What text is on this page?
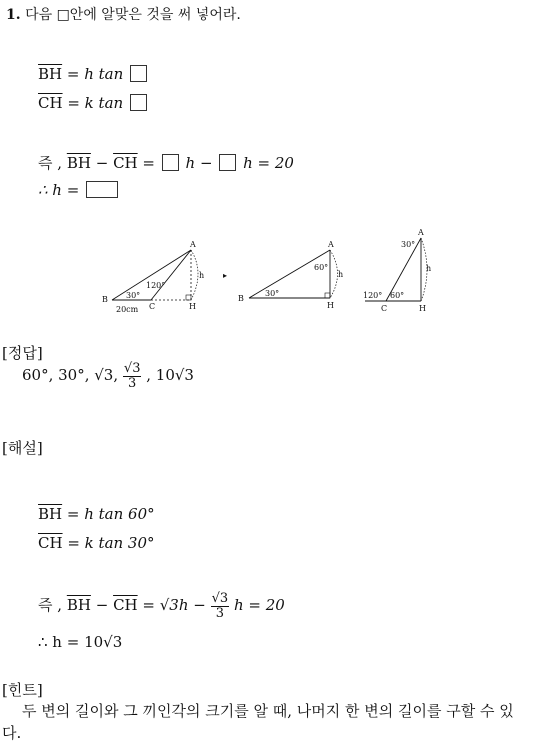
1. 다음 □안에 알맞은 것을 써 넣어라.
$\overline{BH} = h$ tan
$\overline{CH} = k$ tan
즉 , $\overline{BH} - \overline{CH} = h - h = 20$
∴ h =
A
B
C	H
h
30°
120°
20cm
▸
A
B
H
h
30°
60°
A
C	H
h
30°
120° 60°
[정답]
60°, 30°, √3, $\frac{√3}{3}$ , 10√3
[해설]
$\overline{BH} = h$ tan 60°
$\overline{CH} = k$ tan 30°
즉 , $\overline{BH} - \overline{CH} = √3h - \frac{√3}{3}$ h = 20
∴ h = 10√3
[힌트]
두 변의 길이와 그 끼인각의 크기를 알 때, 나머지 한 변의 길이를 구할 수 있다.
